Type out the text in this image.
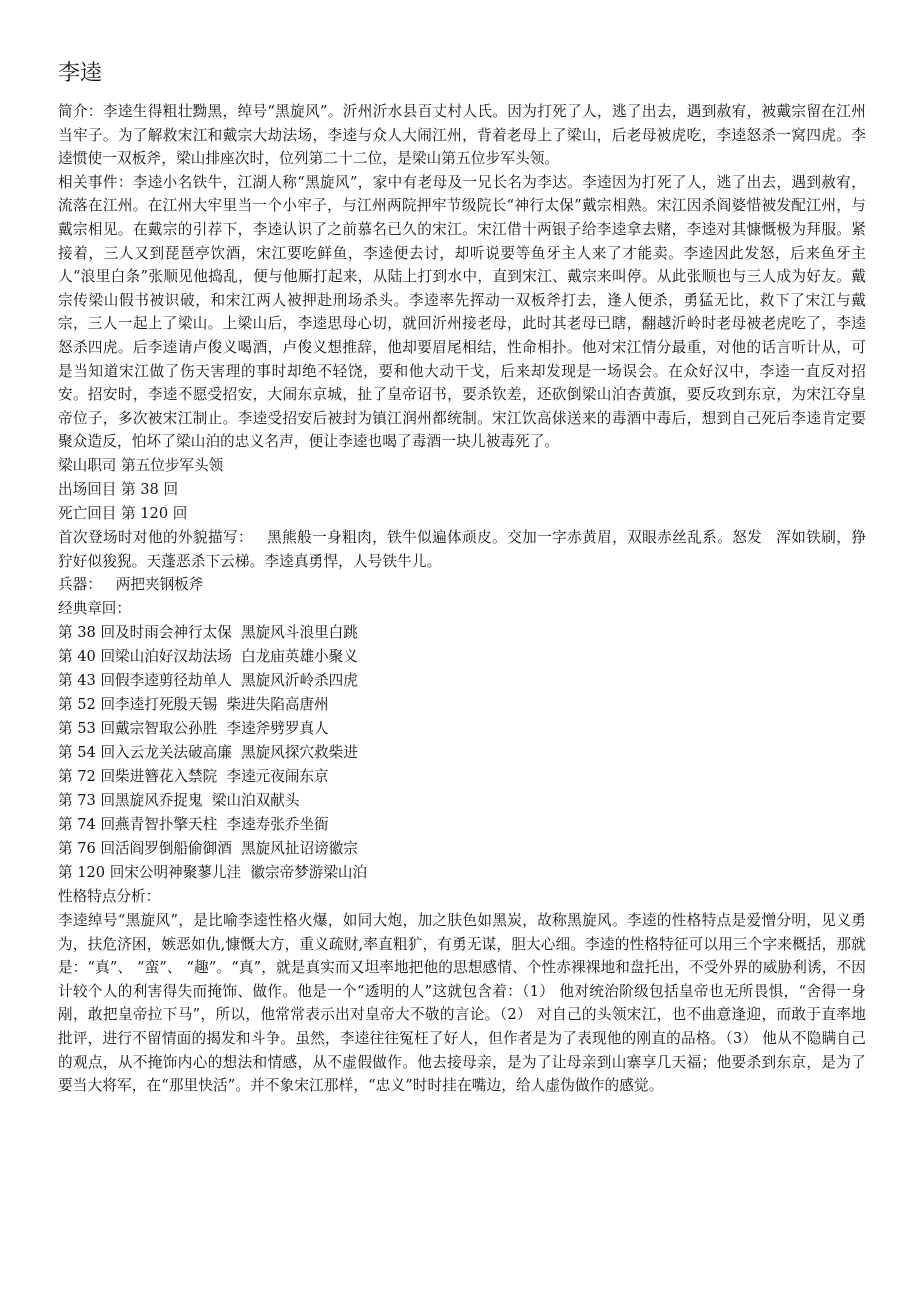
李逵

简介：李逵生得粗壮黝黑，绰号“黑旋风”。沂州沂水县百丈村人氏。因为打死了人，逃了出去，遇到赦宥，被戴宗留在江州当牢子。为了解救宋江和戴宗大劫法场，李逵与众人大闹江州，背着老母上了梁山，后老母被虎吃，李逵怒杀一窝四虎。李逵惯使一双板斧，梁山排座次时，位列第二十二位，是梁山第五位步军头领。

相关事件：李逵小名铁牛，江湖人称“黑旋风”，家中有老母及一兄长名为李达。李逵因为打死了人，逃了出去，遇到赦宥，流落在江州。在江州大牢里当一个小牢子，与江州两院押牢节级院长“神行太保”戴宗相熟。宋江因杀阎婆惜被发配江州，与戴宗相见。在戴宗的引荐下，李逵认识了之前慕名已久的宋江。宋江借十两银子给李逵拿去赌，李逵对其慷慨极为拜服。紧接着，三人又到琵琶亭饮酒，宋江要吃鲜鱼，李逵便去讨，却听说要等鱼牙主人来了才能卖。李逵因此发怒，后来鱼牙主人“浪里白条”张顺见他捣乱，便与他厮打起来，从陆上打到水中，直到宋江、戴宗来叫停。从此张顺也与三人成为好友。戴宗传梁山假书被识破，和宋江两人被押赴刑场杀头。李逵率先挥动一双板斧打去，逢人便杀，勇猛无比，救下了宋江与戴宗，三人一起上了梁山。上梁山后，李逵思母心切，就回沂州接老母，此时其老母已瞎，翻越沂岭时老母被老虎吃了，李逵怒杀四虎。后李逵请卢俊义喝酒，卢俊义想推辞，他却要眉尾相结，性命相扑。他对宋江情分最重，对他的话言听计从，可是当知道宋江做了伤天害理的事时却绝不轻饶，要和他大动干戈，后来却发现是一场误会。在众好汉中，李逵一直反对招安。招安时，李逵不愿受招安，大闹东京城，扯了皇帝诏书，要杀钦差，还砍倒梁山泊杏黄旗，要反攻到东京，为宋江夺皇帝位子，多次被宋江制止。李逵受招安后被封为镇江润州都统制。宋江饮高俅送来的毒酒中毒后，想到自己死后李逵肯定要聚众造反，怕坏了梁山泊的忠义名声，便让李逵也喝了毒酒一块儿被毒死了。

梁山职司 第五位步军头领

出场回目 第 38 回

死亡回目 第 120 回

首次登场时对他的外貌描写： 黑熊般一身粗肉，铁牛似遍体顽皮。交加一字赤黄眉，双眼赤丝乱系。怒发 浑如铁刷，狰狞好似狻猊。天蓬恶杀下云梯。李逵真勇悍，人号铁牛儿。

兵器： 两把夹钢板斧

经典章回：

第 38 回及时雨会神行太保  黑旋风斗浪里白跳

第 40 回梁山泊好汉劫法场  白龙庙英雄小聚义

第 43 回假李逵剪径劫单人  黑旋风沂岭杀四虎

第 52 回李逵打死殷天锡  柴进失陷高唐州

第 53 回戴宗智取公孙胜  李逵斧劈罗真人

第 54 回入云龙关法破高廉  黑旋风探穴救柴进

第 72 回柴进簪花入禁院  李逵元夜闹东京

第 73 回黑旋风乔捉鬼  梁山泊双献头

第 74 回燕青智扑擎天柱  李逵寿张乔坐衙

第 76 回活阎罗倒船偷御酒  黑旋风扯诏谤徽宗

第 120 回宋公明神聚蓼儿洼  徽宗帝梦游梁山泊

性格特点分析：

李逵绰号“黑旋风”，是比喻李逵性格火爆，如同大炮，加之肤色如黑炭，故称黑旋风。李逵的性格特点是爱憎分明，见义勇为，扶危济困，嫉恶如仇,慷慨大方，重义疏财,率直粗犷，有勇无谋，胆大心细。李逵的性格特征可以用三个字来概括，那就是：“真”、 “蛮”、 “趣”。“真”，就是真实而又坦率地把他的思想感情、个性赤裸裸地和盘托出，不受外界的威胁利诱，不因计较个人的利害得失而掩饰、做作。他是一个“透明的人”这就包含着：（1） 他对统治阶级包括皇帝也无所畏惧，“舍得一身剐，敢把皇帝拉下马”，所以，他常常表示出对皇帝大不敬的言论。（2） 对自己的头领宋江，也不曲意逢迎，而敢于直率地批评，进行不留情面的揭发和斗争。虽然，李逵往往冤枉了好人，但作者是为了表现他的刚直的品格。（3） 他从不隐瞒自己的观点，从不掩饰内心的想法和情感，从不虚假做作。他去接母亲，是为了让母亲到山寨享几天福；他要杀到东京，是为了要当大将军，在“那里快活”。并不象宋江那样，“忠义”时时挂在嘴边，给人虚伪做作的感觉。
